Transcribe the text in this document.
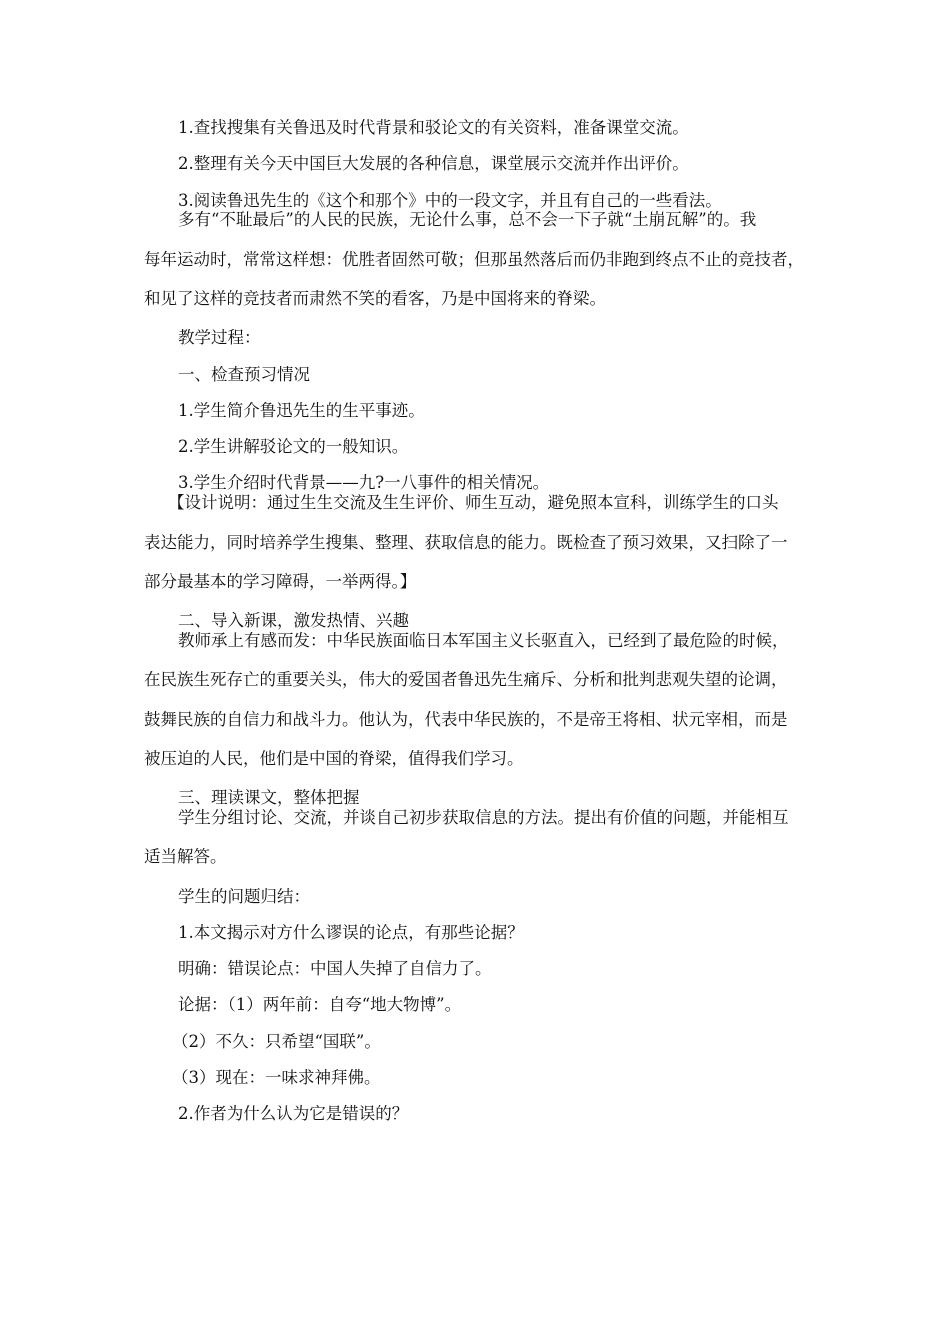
1.查找搜集有关鲁迅及时代背景和驳论文的有关资料，准备课堂交流。

2.整理有关今天中国巨大发展的各种信息，课堂展示交流并作出评价。

3.阅读鲁迅先生的《这个和那个》中的一段文字，并且有自己的一些看法。

多有“不耻最后”的人民的民族，无论什么事，总不会一下子就“土崩瓦解”的。我
每年运动时，常常这样想：优胜者固然可敬；但那虽然落后而仍非跑到终点不止的竞技者，
和见了这样的竞技者而肃然不笑的看客，乃是中国将来的脊梁。

教学过程：

一、检查预习情况

1.学生简介鲁迅先生的生平事迹。

2.学生讲解驳论文的一般知识。

3.学生介绍时代背景——九?一八事件的相关情况。

【设计说明：通过生生交流及生生评价、师生互动，避免照本宣科，训练学生的口头
表达能力，同时培养学生搜集、整理、获取信息的能力。既检查了预习效果，又扫除了一
部分最基本的学习障碍，一举两得。】

二、导入新课，激发热情、兴趣

教师承上有感而发：中华民族面临日本军国主义长驱直入，已经到了最危险的时候，
在民族生死存亡的重要关头，伟大的爱国者鲁迅先生痛斥、分析和批判悲观失望的论调，
鼓舞民族的自信力和战斗力。他认为，代表中华民族的，不是帝王将相、状元宰相，而是
被压迫的人民，他们是中国的脊梁，值得我们学习。

三、理读课文，整体把握

学生分组讨论、交流，并谈自己初步获取信息的方法。提出有价值的问题，并能相互
适当解答。

学生的问题归结：

1.本文揭示对方什么谬误的论点，有那些论据？

明确：错误论点：中国人失掉了自信力了。

论据：（1）两年前：自夸“地大物博”。

（2）不久：只希望“国联”。

（3）现在：一味求神拜佛。

2.作者为什么认为它是错误的？
